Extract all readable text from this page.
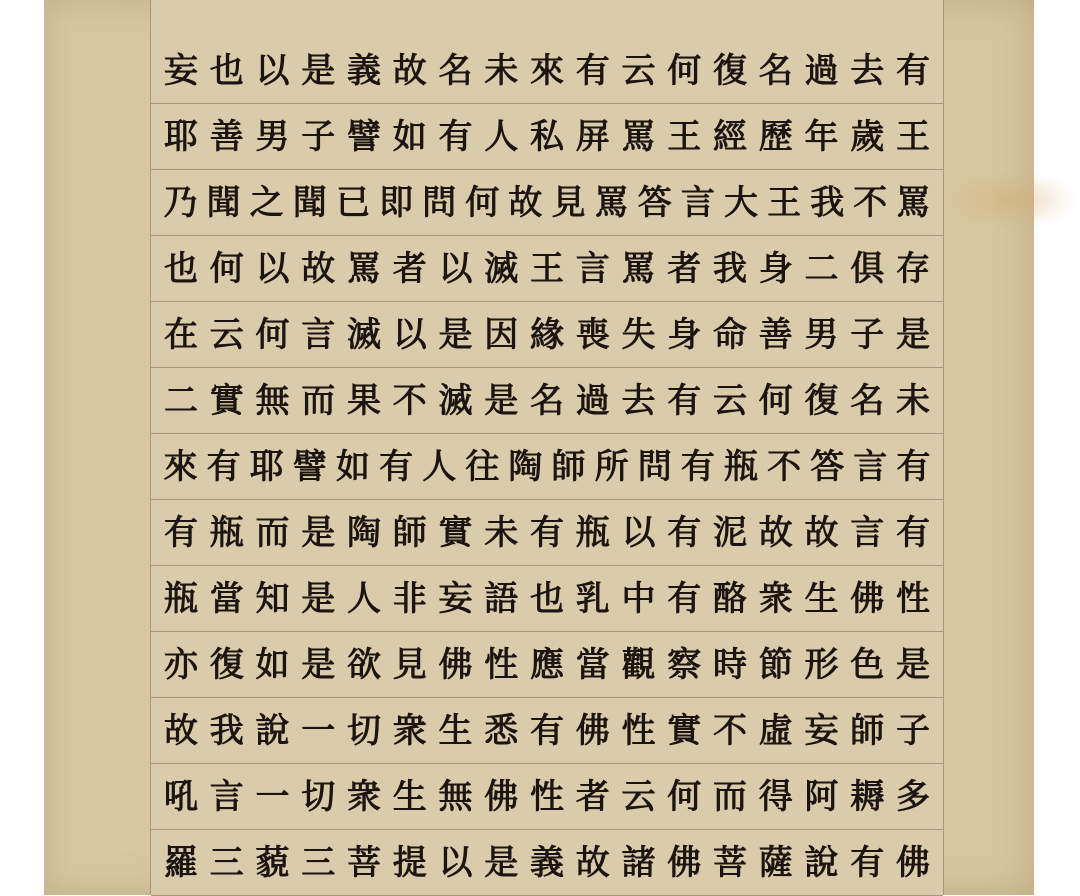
妄 也 以 是 義 故 名 未 來 有 云 何 復 名 過 去 有
耶 善 男 子 譬 如 有 人 私 屏 罵 王 經 歷 年 歲 王
乃 聞 之 聞 已 即 問 何 故 見 罵 答 言 大 王 我 不 罵
也 何 以 故 罵 者 以 滅 王 言 罵 者 我 身 二 俱 存
在 云 何 言 滅 以 是 因 緣 喪 失 身 命 善 男 子 是
二 實 無 而 果 不 滅 是 名 過 去 有 云 何 復 名 未
來 有 耶 譬 如 有 人 往 陶 師 所 問 有 瓶 不 答 言 有
有 瓶 而 是 陶 師 實 未 有 瓶 以 有 泥 故 故 言 有
瓶 當 知 是 人 非 妄 語 也 乳 中 有 酪 衆 生 佛 性
亦 復 如 是 欲 見 佛 性 應 當 觀 察 時 節 形 色 是
故 我 說 一 切 衆 生 悉 有 佛 性 實 不 虛 妄 師 子
吼 言 一 切 衆 生 無 佛 性 者 云 何 而 得 阿 耨 多
羅 三 藐 三 菩 提 以 是 義 故 諸 佛 菩 薩 說 有 佛
